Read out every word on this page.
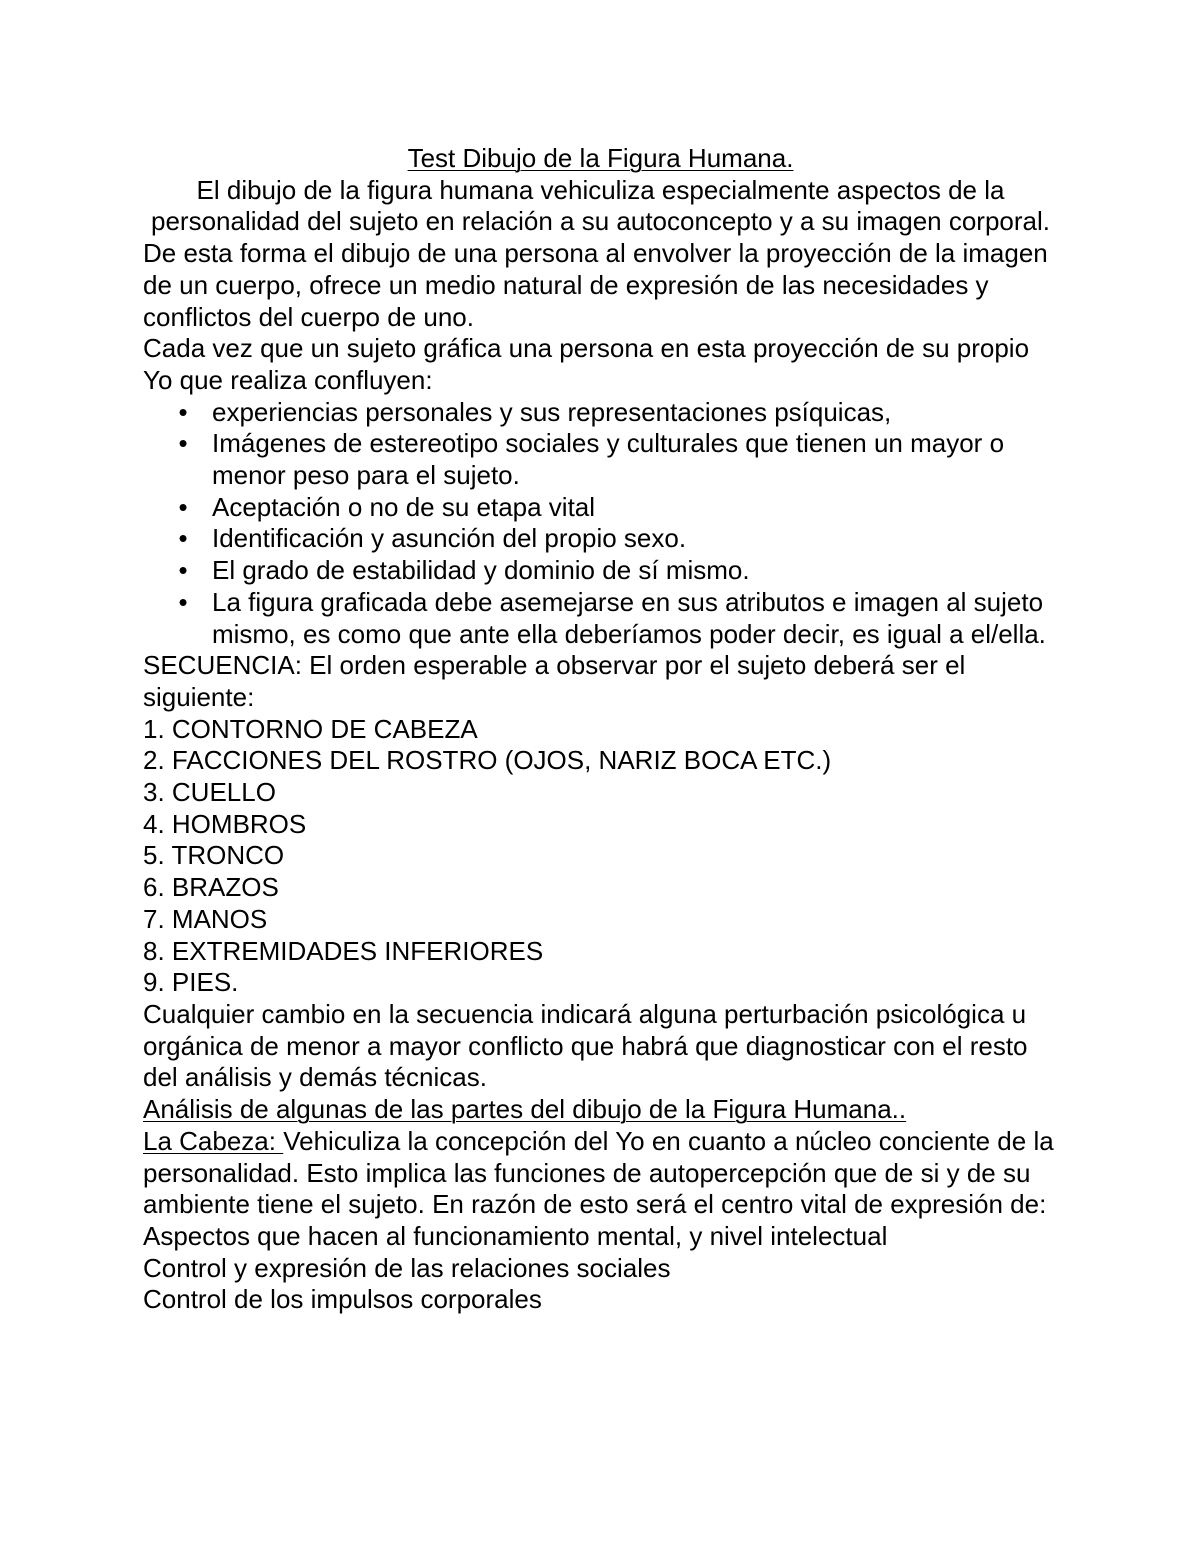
Test Dibujo de la Figura Humana.

El dibujo de la figura humana vehiculiza especialmente aspectos de la personalidad del sujeto en relación a su autoconcepto y a su imagen corporal.

De esta forma el dibujo de una persona al envolver la proyección de la imagen de un cuerpo, ofrece un medio natural de expresión de las necesidades y conflictos del cuerpo de uno.

Cada vez que un sujeto gráfica una persona en esta proyección de su propio Yo que realiza confluyen:

• experiencias personales y sus representaciones psíquicas,
• Imágenes de estereotipo sociales y culturales que tienen un mayor o menor peso para el sujeto.
• Aceptación o no de su etapa vital
• Identificación y asunción del propio sexo.
• El grado de estabilidad y dominio de sí mismo.
• La figura graficada debe asemejarse en sus atributos e imagen al sujeto mismo, es como que ante ella deberíamos poder decir, es igual a el/ella.

SECUENCIA: El orden esperable a observar por el sujeto deberá ser el siguiente:

1. CONTORNO DE CABEZA
2. FACCIONES DEL ROSTRO (OJOS, NARIZ BOCA ETC.)
3. CUELLO
4. HOMBROS
5. TRONCO
6. BRAZOS
7. MANOS
8. EXTREMIDADES INFERIORES
9. PIES.

Cualquier cambio en la secuencia indicará alguna perturbación psicológica u orgánica de menor a mayor conflicto que habrá que diagnosticar con el resto del análisis y demás técnicas.

Análisis de algunas de las partes del dibujo de la Figura Humana..

La Cabeza: Vehiculiza la concepción del Yo en cuanto a núcleo conciente de la personalidad. Esto implica las funciones de autopercepción que de si y de su ambiente tiene el sujeto. En razón de esto será el centro vital de expresión de:

Aspectos que hacen al funcionamiento mental, y nivel intelectual

Control y expresión de las relaciones sociales

Control de los impulsos corporales
